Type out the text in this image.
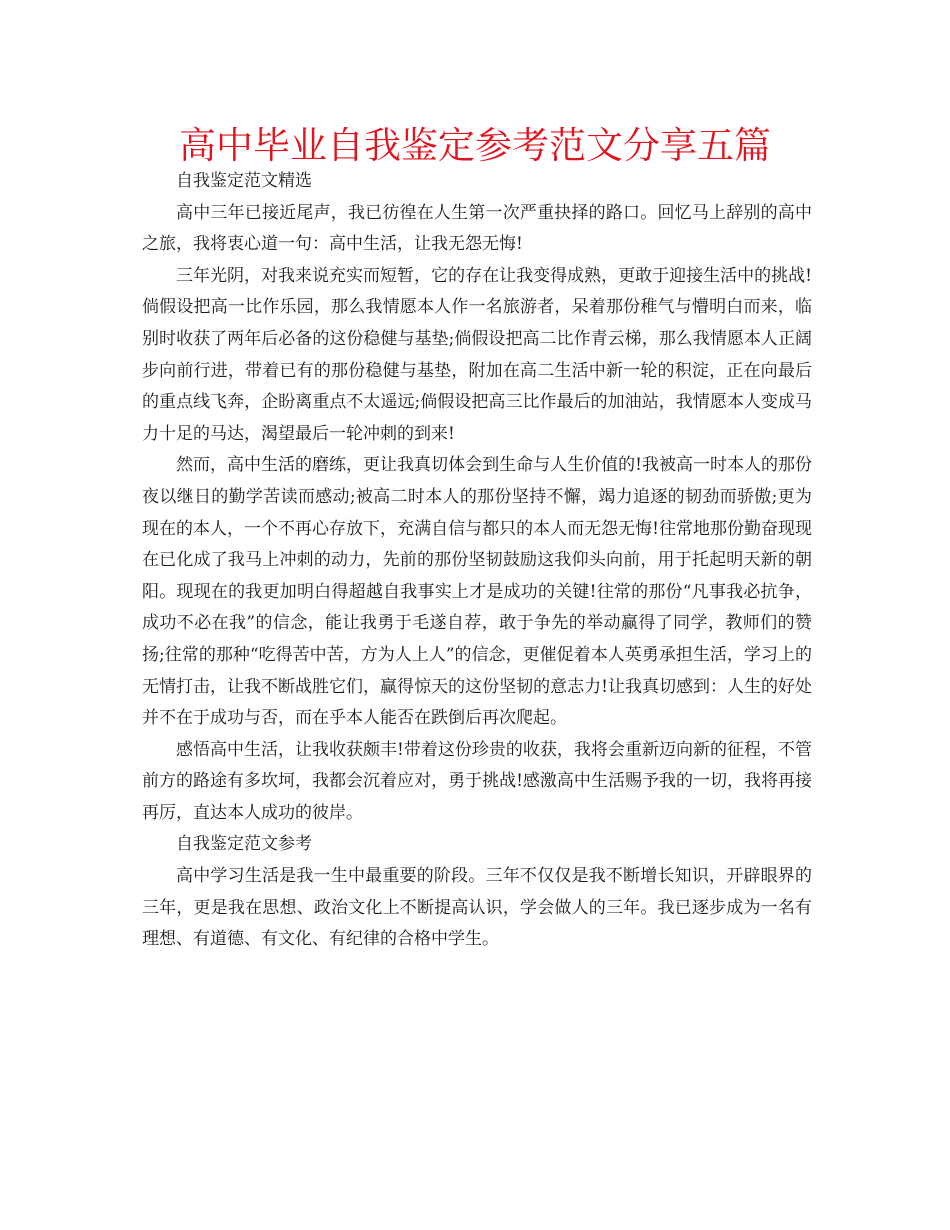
高中毕业自我鉴定参考范文分享五篇

自我鉴定范文精选

高中三年已接近尾声，我已彷徨在人生第一次严重抉择的路口。回忆马上辞别的高中之旅，我将衷心道一句：高中生活，让我无怨无悔!

三年光阴，对我来说充实而短暂，它的存在让我变得成熟，更敢于迎接生活中的挑战!倘假设把高一比作乐园，那么我情愿本人作一名旅游者，呆着那份稚气与懵明白而来，临别时收获了两年后必备的这份稳健与基垫;倘假设把高二比作青云梯，那么我情愿本人正阔步向前行进，带着已有的那份稳健与基垫，附加在高二生活中新一轮的积淀，正在向最后的重点线飞奔，企盼离重点不太遥远;倘假设把高三比作最后的加油站，我情愿本人变成马力十足的马达，渴望最后一轮冲刺的到来!

然而，高中生活的磨练，更让我真切体会到生命与人生价值的!我被高一时本人的那份夜以继日的勤学苦读而感动;被高二时本人的那份坚持不懈，竭力追逐的韧劲而骄傲;更为现在的本人，一个不再心存放下，充满自信与都只的本人而无怨无悔!往常地那份勤奋现现在已化成了我马上冲刺的动力，先前的那份坚韧鼓励这我仰头向前，用于托起明天新的朝阳。现现在的我更加明白得超越自我事实上才是成功的关键!往常的那份“凡事我必抗争，成功不必在我”的信念，能让我勇于毛遂自荐，敢于争先的举动赢得了同学，教师们的赞扬;往常的那种“吃得苦中苦，方为人上人”的信念，更催促着本人英勇承担生活，学习上的无情打击，让我不断战胜它们，赢得惊天的这份坚韧的意志力!让我真切感到：人生的好处并不在于成功与否，而在乎本人能否在跌倒后再次爬起。

感悟高中生活，让我收获颇丰!带着这份珍贵的收获，我将会重新迈向新的征程，不管前方的路途有多坎坷，我都会沉着应对，勇于挑战!感激高中生活赐予我的一切，我将再接再厉，直达本人成功的彼岸。

自我鉴定范文参考

高中学习生活是我一生中最重要的阶段。三年不仅仅是我不断增长知识，开辟眼界的三年，更是我在思想、政治文化上不断提高认识，学会做人的三年。我已逐步成为一名有理想、有道德、有文化、有纪律的合格中学生。
